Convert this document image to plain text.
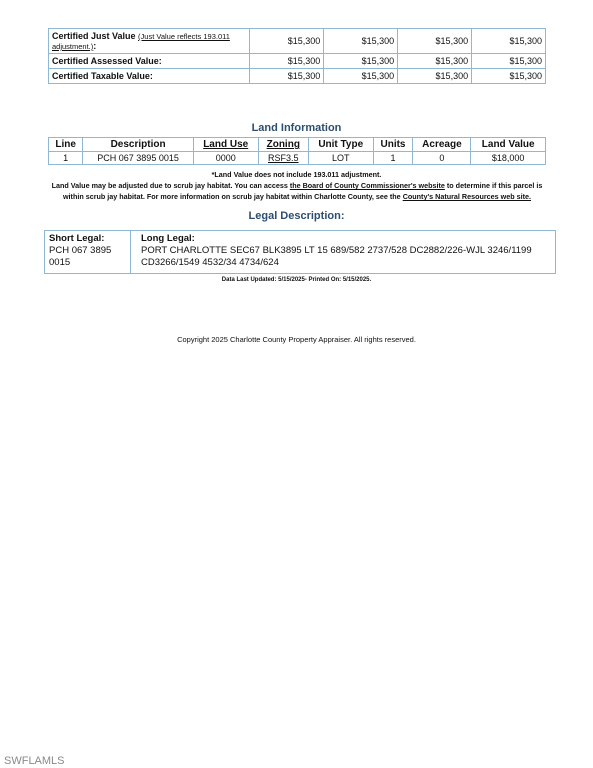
Certified Just Value (Just Value reflects 193.011 adjustment.):	$15,300	$15,300	$15,300	$15,300
Certified Assessed Value:	$15,300	$15,300	$15,300	$15,300
Certified Taxable Value:	$15,300	$15,300	$15,300	$15,300
Land Information
Line	Description	Land Use	Zoning	Unit Type	Units	Acreage	Land Value
1	PCH 067 3895 0015	0000	RSF3.5	LOT	1	0	$18,000
*Land Value does not include 193.011 adjustment.
Land Value may be adjusted due to scrub jay habitat. You can access the Board of County Commissioner's website to determine if this parcel is within scrub jay habitat. For more information on scrub jay habitat within Charlotte County, see the County's Natural Resources web site.
Legal Description:
Short Legal:
PCH 067 3895 0015
Long Legal:
PORT CHARLOTTE SEC67 BLK3895 LT 15 689/582 2737/528 DC2882/226-WJL 3246/1199 CD3266/1549 4532/34 4734/624
Data Last Updated: 5/15/2025- Printed On: 5/15/2025.
Copyright 2025 Charlotte County Property Appraiser. All rights reserved.
SWFLAMLS
